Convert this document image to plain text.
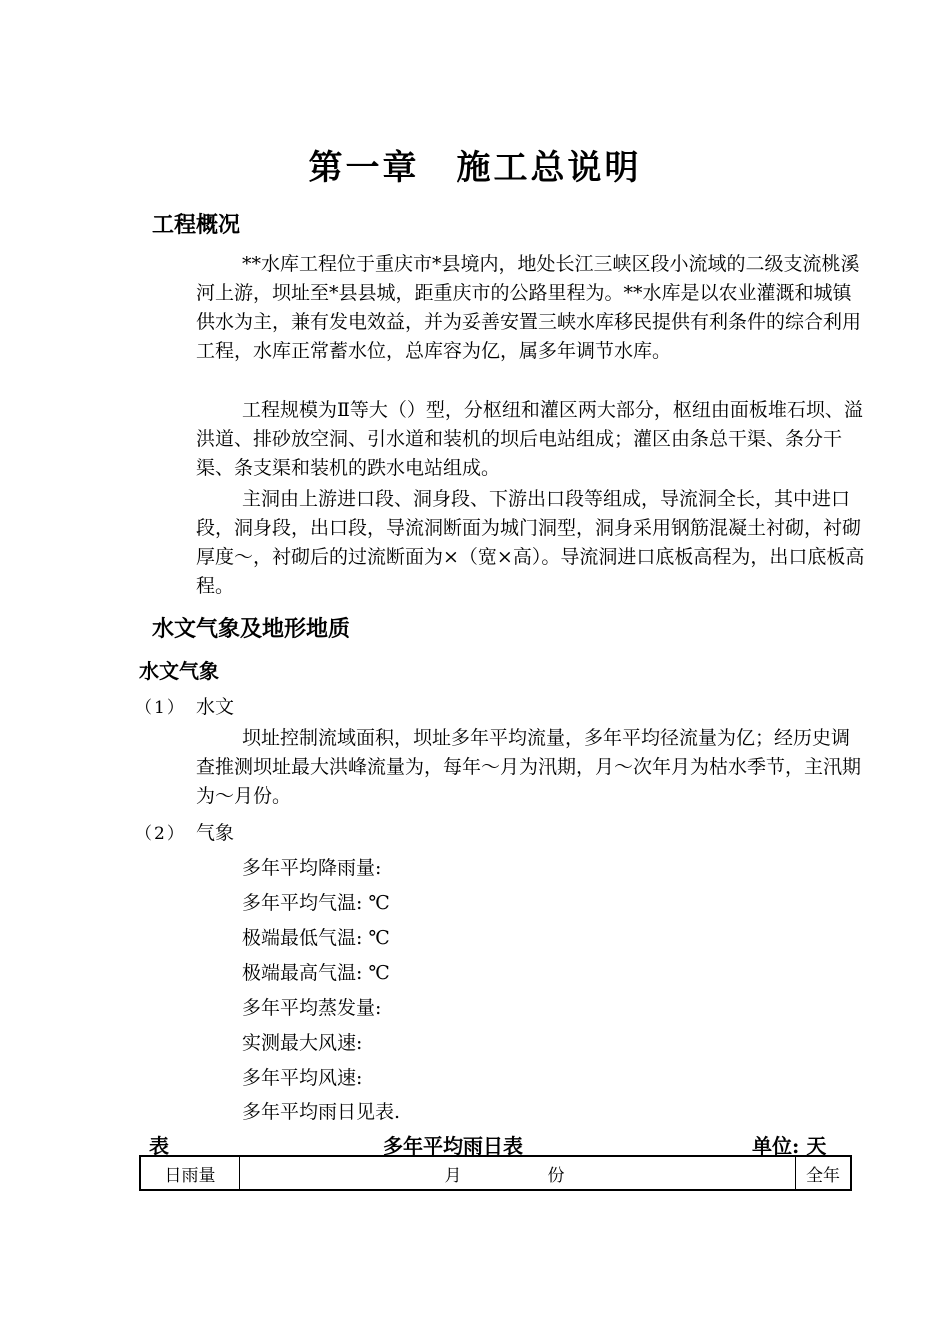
第一章　施工总说明
工程概况

**水库工程位于重庆市*县境内，地处长江三峡区段小流域的二级支流桃溪河上游，坝址至*县县城，距重庆市的公路里程为。**水库是以农业灌溉和城镇供水为主，兼有发电效益，并为妥善安置三峡水库移民提供有利条件的综合利用工程，水库正常蓄水位，总库容为亿，属多年调节水库。

工程规模为Ⅱ等大（）型，分枢纽和灌区两大部分，枢纽由面板堆石坝、溢洪道、排砂放空洞、引水道和装机的坝后电站组成；灌区由条总干渠、条分干渠、条支渠和装机的跌水电站组成。

主洞由上游进口段、洞身段、下游出口段等组成，导流洞全长，其中进口段，洞身段，出口段，导流洞断面为城门洞型，洞身采用钢筋混凝土衬砌，衬砌厚度～，衬砌后的过流断面为×（宽×高）。导流洞进口底板高程为，出口底板高程。

水文气象及地形地质
水文气象
（1） 水文

坝址控制流域面积，坝址多年平均流量，多年平均径流量为亿；经历史调查推测坝址最大洪峰流量为，每年～月为汛期，月～次年月为枯水季节，主汛期为～月份。

（2） 气象
多年平均降雨量:
多年平均气温: ℃
极端最低气温: ℃
极端最高气温: ℃
多年平均蒸发量:
实测最大风速:
多年平均风速:
多年平均雨日见表.
表	多年平均雨日表	单位: 天
日雨量	月份	全年
